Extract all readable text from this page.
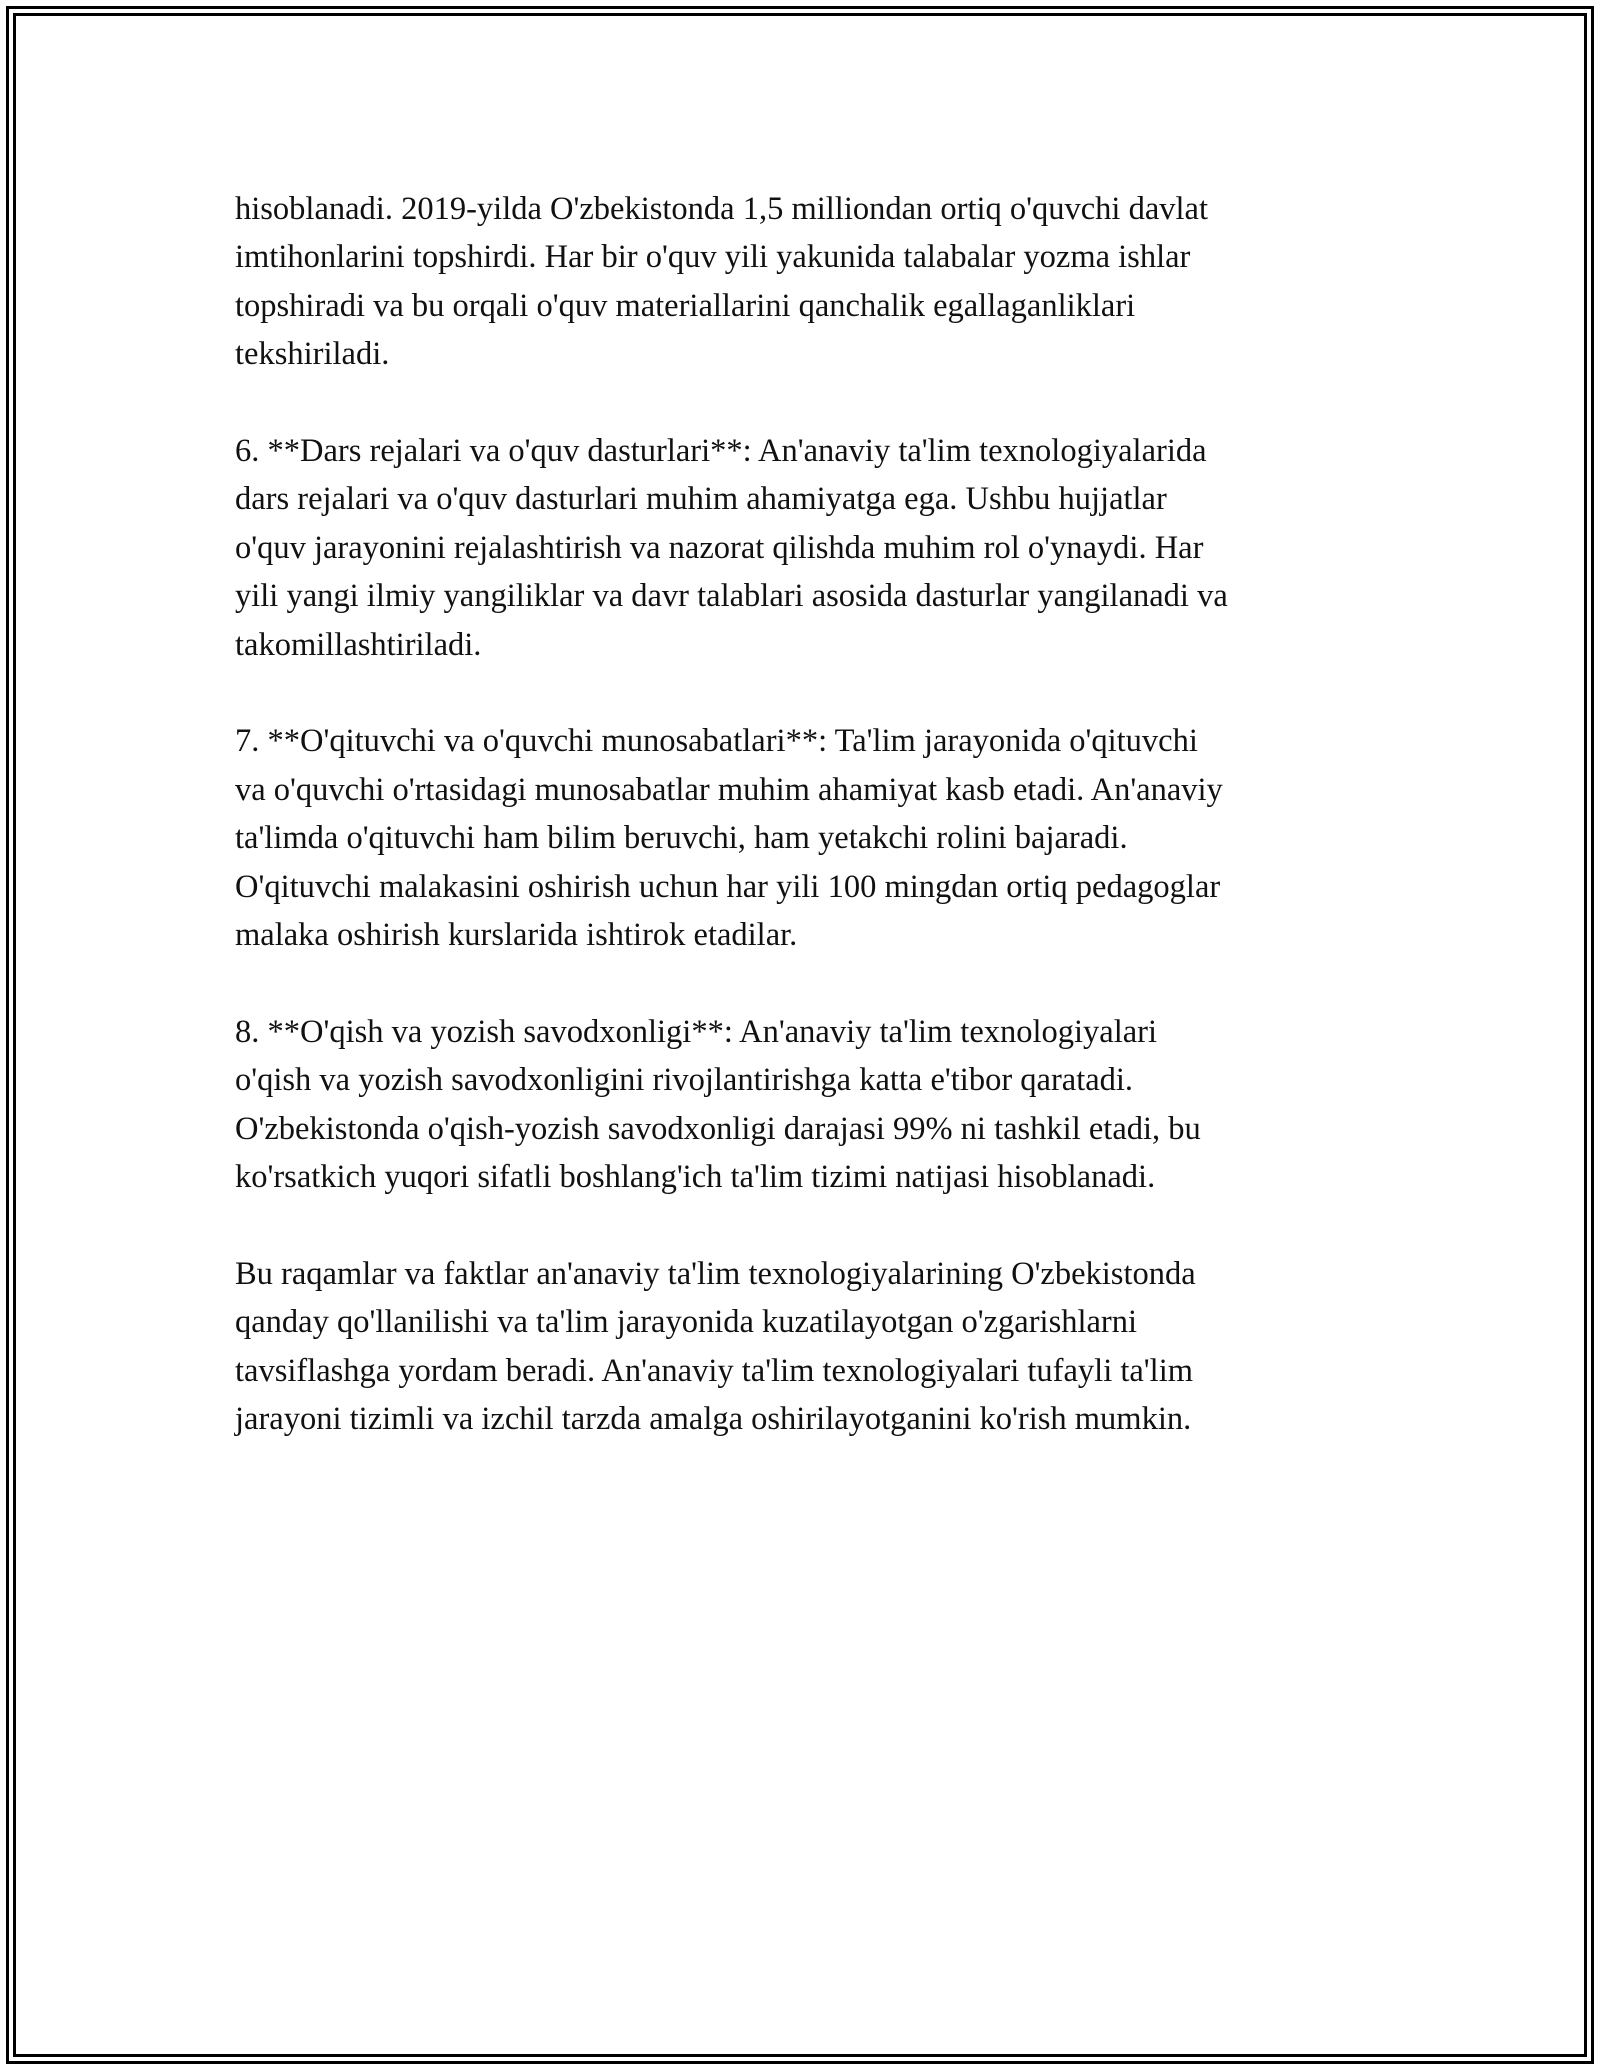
hisoblanadi. 2019-yilda O'zbekistonda 1,5 milliondan ortiq o'quvchi davlat
imtihonlarini topshirdi. Har bir o'quv yili yakunida talabalar yozma ishlar
topshiradi va bu orqali o'quv materiallarini qanchalik egallaganliklari
tekshiriladi.

6. **Dars rejalari va o'quv dasturlari**: An'anaviy ta'lim texnologiyalarida
dars rejalari va o'quv dasturlari muhim ahamiyatga ega. Ushbu hujjatlar
o'quv jarayonini rejalashtirish va nazorat qilishda muhim rol o'ynaydi. Har
yili yangi ilmiy yangiliklar va davr talablari asosida dasturlar yangilanadi va
takomillashtiriladi.

7. **O'qituvchi va o'quvchi munosabatlari**: Ta'lim jarayonida o'qituvchi
va o'quvchi o'rtasidagi munosabatlar muhim ahamiyat kasb etadi. An'anaviy
ta'limda o'qituvchi ham bilim beruvchi, ham yetakchi rolini bajaradi.
O'qituvchi malakasini oshirish uchun har yili 100 mingdan ortiq pedagoglar
malaka oshirish kurslarida ishtirok etadilar.

8. **O'qish va yozish savodxonligi**: An'anaviy ta'lim texnologiyalari
o'qish va yozish savodxonligini rivojlantirishga katta e'tibor qaratadi.
O'zbekistonda o'qish-yozish savodxonligi darajasi 99% ni tashkil etadi, bu
ko'rsatkich yuqori sifatli boshlang'ich ta'lim tizimi natijasi hisoblanadi.

Bu raqamlar va faktlar an'anaviy ta'lim texnologiyalarining O'zbekistonda
qanday qo'llanilishi va ta'lim jarayonida kuzatilayotgan o'zgarishlarni
tavsiflashga yordam beradi. An'anaviy ta'lim texnologiyalari tufayli ta'lim
jarayoni tizimli va izchil tarzda amalga oshirilayotganini ko'rish mumkin.
